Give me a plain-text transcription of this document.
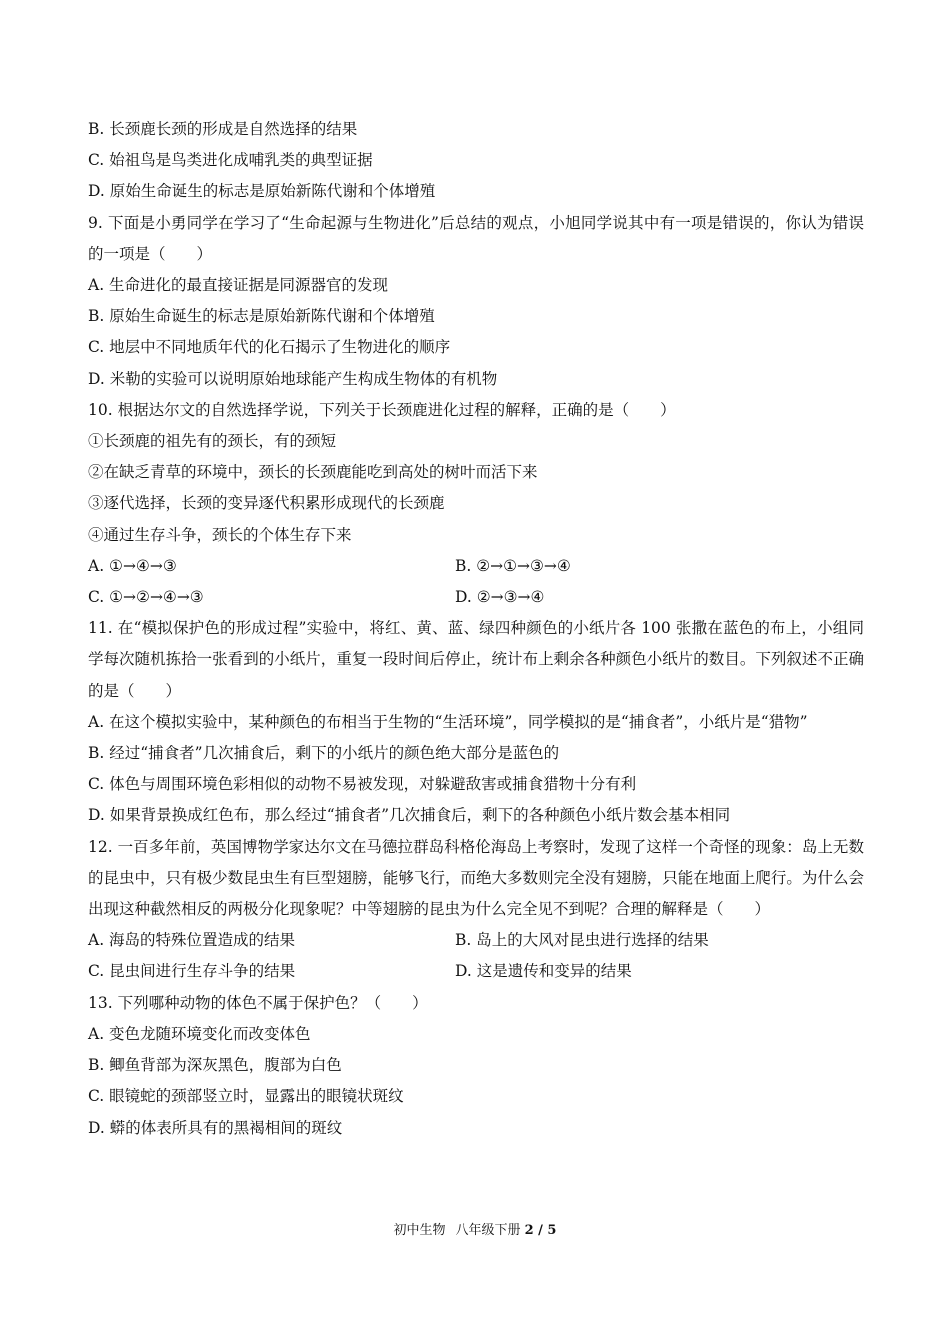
B. 长颈鹿长颈的形成是自然选择的结果
C. 始祖鸟是鸟类进化成哺乳类的典型证据
D. 原始生命诞生的标志是原始新陈代谢和个体增殖
9. 下面是小勇同学在学习了“生命起源与生物进化”后总结的观点，小旭同学说其中有一项是错误的，你认为错误的一项是（　　）
A. 生命进化的最直接证据是同源器官的发现
B. 原始生命诞生的标志是原始新陈代谢和个体增殖
C. 地层中不同地质年代的化石揭示了生物进化的顺序
D. 米勒的实验可以说明原始地球能产生构成生物体的有机物
10. 根据达尔文的自然选择学说，下列关于长颈鹿进化过程的解释，正确的是（　　）
①长颈鹿的祖先有的颈长，有的颈短
②在缺乏青草的环境中，颈长的长颈鹿能吃到高处的树叶而活下来
③逐代选择，长颈的变异逐代积累形成现代的长颈鹿
④通过生存斗争，颈长的个体生存下来
A. ①→④→③	B. ②→①→③→④
C. ①→②→④→③	D. ②→③→④
11. 在“模拟保护色的形成过程”实验中，将红、黄、蓝、绿四种颜色的小纸片各 100 张撒在蓝色的布上，小组同学每次随机拣拾一张看到的小纸片，重复一段时间后停止，统计布上剩余各种颜色小纸片的数目。下列叙述不正确的是（　　）
A. 在这个模拟实验中，某种颜色的布相当于生物的“生活环境”，同学模拟的是“捕食者”，小纸片是“猎物”
B. 经过“捕食者”几次捕食后，剩下的小纸片的颜色绝大部分是蓝色的
C. 体色与周围环境色彩相似的动物不易被发现，对躲避敌害或捕食猎物十分有利
D. 如果背景换成红色布，那么经过“捕食者”几次捕食后，剩下的各种颜色小纸片数会基本相同
12. 一百多年前，英国博物学家达尔文在马德拉群岛科格伦海岛上考察时，发现了这样一个奇怪的现象：岛上无数的昆虫中，只有极少数昆虫生有巨型翅膀，能够飞行，而绝大多数则完全没有翅膀，只能在地面上爬行。为什么会出现这种截然相反的两极分化现象呢？中等翅膀的昆虫为什么完全见不到呢？合理的解释是（　　）
A. 海岛的特殊位置造成的结果	B. 岛上的大风对昆虫进行选择的结果
C. 昆虫间进行生存斗争的结果	D. 这是遗传和变异的结果
13. 下列哪种动物的体色不属于保护色？（　　）
A. 变色龙随环境变化而改变体色
B. 鲫鱼背部为深灰黑色，腹部为白色
C. 眼镜蛇的颈部竖立时，显露出的眼镜状斑纹
D. 蟒的体表所具有的黑褐相间的斑纹
初中生物 八年级下册 2 / 5
